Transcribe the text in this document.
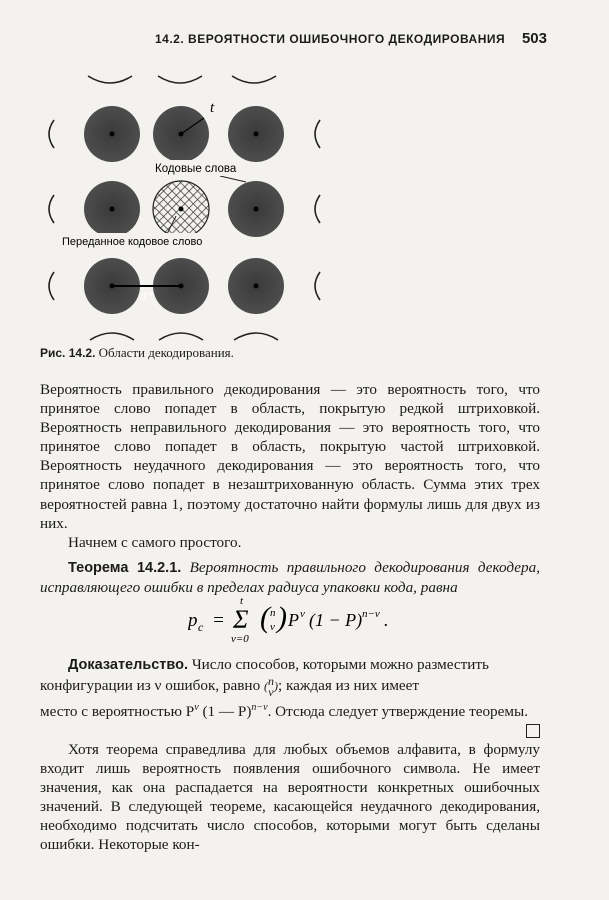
14.2. ВЕРОЯТНОСТИ ОШИБОЧНОГО ДЕКОДИРОВАНИЯ 503
t
Кодовые слова
Переданное кодовое слово
d*
Рис. 14.2. Области декодирования.

Вероятность правильного декодирования — это вероятность того, что принятое слово попадет в область, покрытую редкой штриховкой. Вероятность неправильного декодирования — это вероятность того, что принятое слово попадет в область, покрытую частой штриховкой. Вероятность неудачного декодирования — это вероятность того, что принятое слово попадет в незаштрихованную область. Сумма этих трех вероятностей равна 1, поэтому достаточно найти формулы лишь для двух из них.

Начнем с самого простого.

Теорема 14.2.1. Вероятность правильного декодирования декодера, исправляющего ошибки в пределах радиуса упаковки кода, равна

p c = Σ
t
ν=0
( n
ν ) P ν (1 − P) n−ν .

Доказательство. Число способов, которыми можно разместить

конфигурации из ν ошибок, равно (n
ν); каждая из них имеет

место с вероятностью $P^\nu$ (1 — P)$^{n-\nu}$. Отсюда следует утверждение теоремы.

Хотя теорема справедлива для любых объемов алфавита, в формулу входит лишь вероятность появления ошибочного символа. Не имеет значения, как она распадается на вероятности конкретных ошибочных значений. В следующей теореме, касающейся неудачного декодирования, необходимо подсчитать число способов, которыми могут быть сделаны ошибки. Некоторые кон-
